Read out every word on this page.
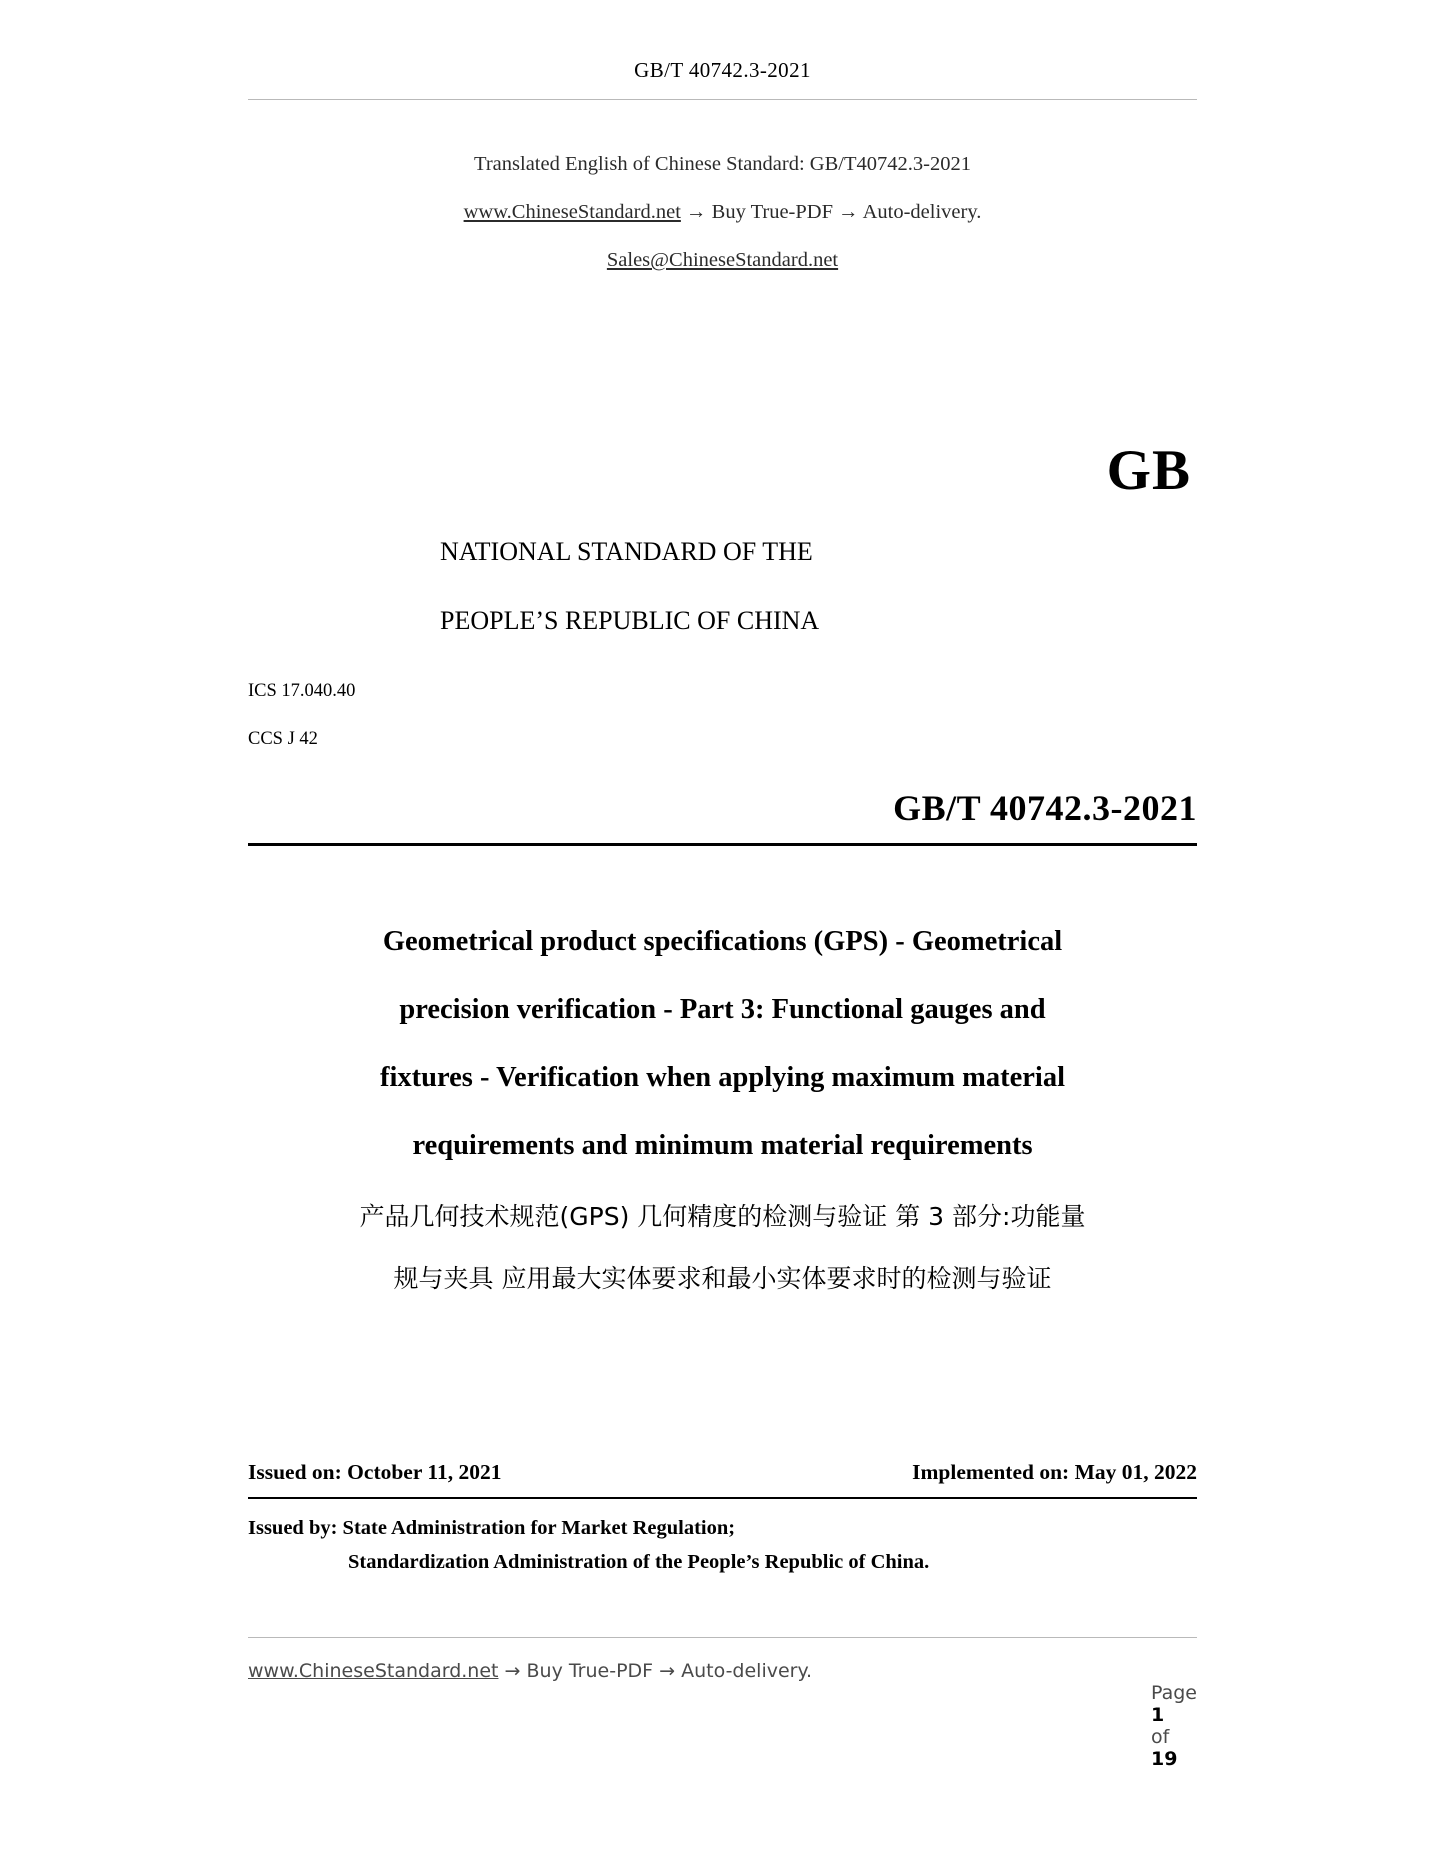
GB/T 40742.3-2021
Translated English of Chinese Standard: GB/T40742.3-2021
www.ChineseStandard.net → Buy True-PDF → Auto-delivery.
Sales@ChineseStandard.net
GB
NATIONAL STANDARD OF THE
PEOPLE’S REPUBLIC OF CHINA
ICS 17.040.40
CCS J 42
GB/T 40742.3-2021
Geometrical product specifications (GPS) - Geometrical
precision verification - Part 3: Functional gauges and
fixtures - Verification when applying maximum material
requirements and minimum material requirements
产品几何技术规范(GPS) 几何精度的检测与验证 第 3 部分:功能量
规与夹具 应用最大实体要求和最小实体要求时的检测与验证
Issued on: October 11, 2021	Implemented on: May 01, 2022
Issued by: State Administration for Market Regulation;
Standardization Administration of the People’s Republic of China.
www.ChineseStandard.net → Buy True-PDF → Auto-delivery.

Page
1
of
19
